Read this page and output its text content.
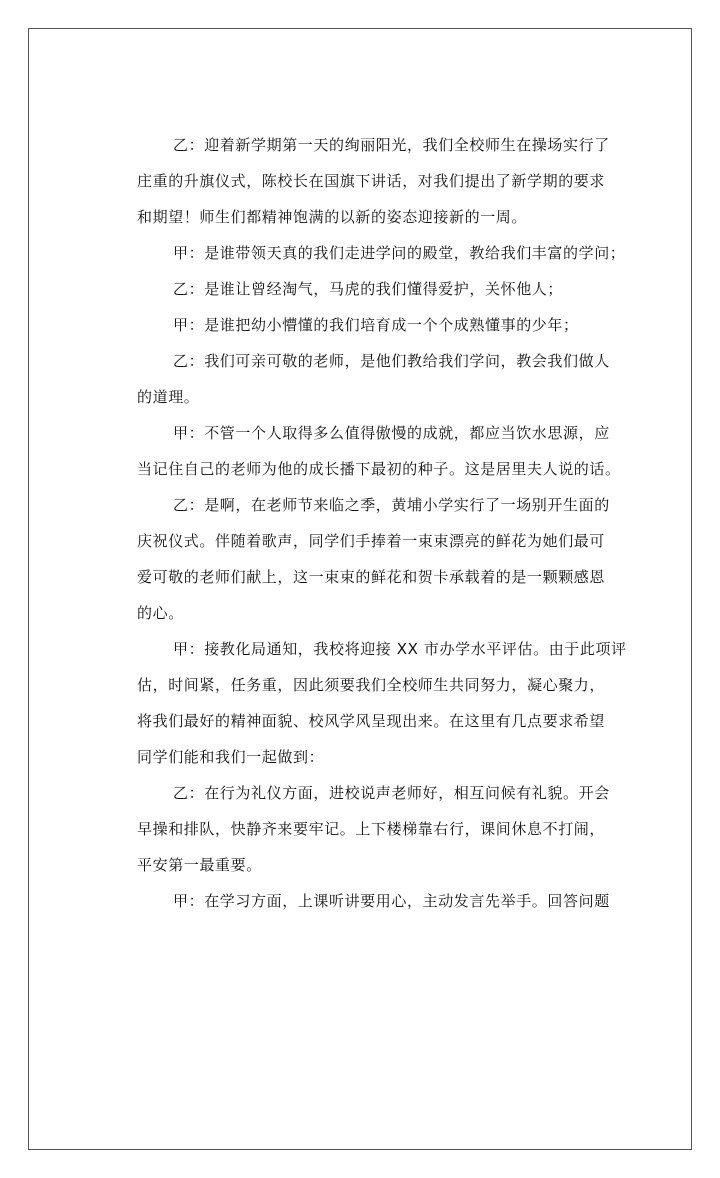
乙：迎着新学期第一天的绚丽阳光，我们全校师生在操场实行了
庄重的升旗仪式，陈校长在国旗下讲话，对我们提出了新学期的要求
和期望！师生们都精神饱满的以新的姿态迎接新的一周。

甲：是谁带领天真的我们走进学问的殿堂，教给我们丰富的学问；

乙：是谁让曾经淘气，马虎的我们懂得爱护，关怀他人；

甲：是谁把幼小懵懂的我们培育成一个个成熟懂事的少年；

乙：我们可亲可敬的老师，是他们教给我们学问，教会我们做人
的道理。

甲：不管一个人取得多么值得傲慢的成就，都应当饮水思源，应
当记住自己的老师为他的成长播下最初的种子。这是居里夫人说的话。

乙：是啊，在老师节来临之季，黄埔小学实行了一场别开生面的
庆祝仪式。伴随着歌声，同学们手捧着一束束漂亮的鲜花为她们最可
爱可敬的老师们献上，这一束束的鲜花和贺卡承载着的是一颗颗感恩
的心。

甲：接教化局通知，我校将迎接 XX 市办学水平评估。由于此项评
估，时间紧，任务重，因此须要我们全校师生共同努力，凝心聚力，
将我们最好的精神面貌、校风学风呈现出来。在这里有几点要求希望
同学们能和我们一起做到：

乙：在行为礼仪方面，进校说声老师好，相互问候有礼貌。开会
早操和排队，快静齐来要牢记。上下楼梯靠右行，课间休息不打闹，
平安第一最重要。

甲：在学习方面，上课听讲要用心，主动发言先举手。回答问题
